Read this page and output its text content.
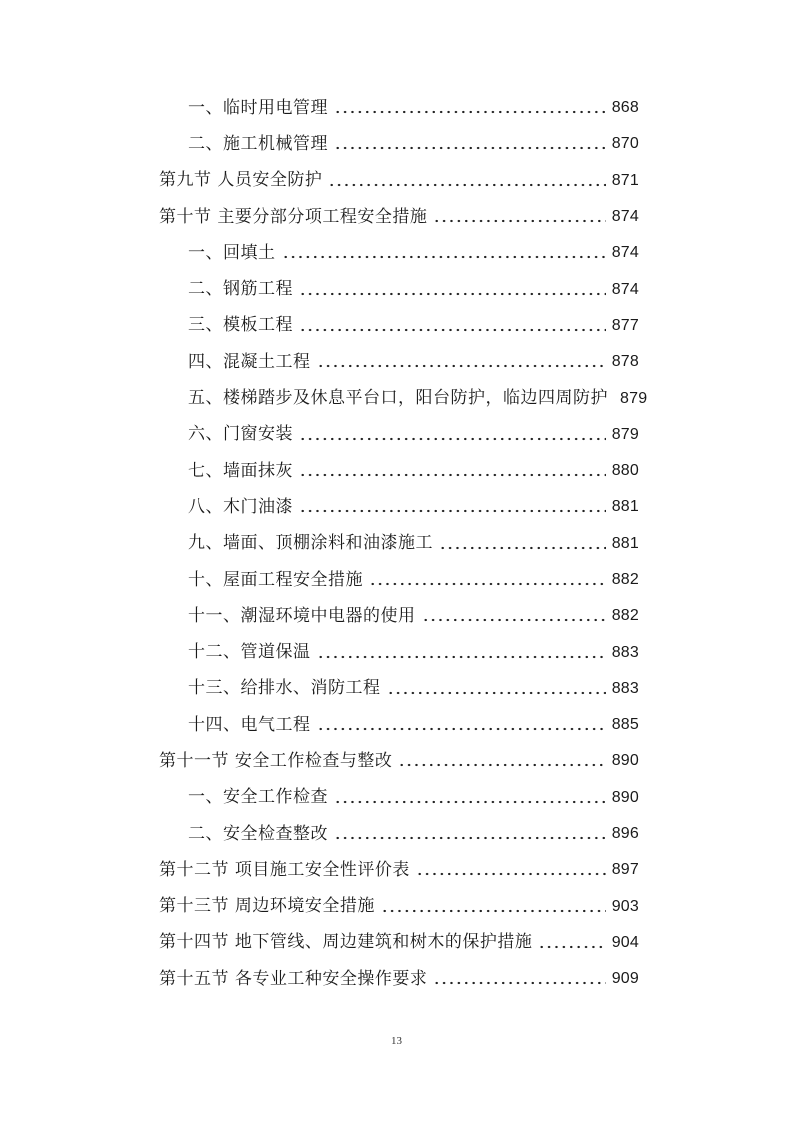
一、临时用电管理	868
二、施工机械管理	870
第九节 人员安全防护	871
第十节 主要分部分项工程安全措施	874
一、回填土	874
二、钢筋工程	874
三、模板工程	877
四、混凝土工程	878
五、楼梯踏步及休息平台口，阳台防护，临边四周防护 879
六、门窗安装	879
七、墙面抹灰	880
八、木门油漆	881
九、墙面、顶棚涂料和油漆施工	881
十、屋面工程安全措施	882
十一、潮湿环境中电器的使用	882
十二、管道保温	883
十三、给排水、消防工程	883
十四、电气工程	885
第十一节 安全工作检查与整改	890
一、安全工作检查	890
二、安全检查整改	896
第十二节 项目施工安全性评价表	897
第十三节 周边环境安全措施	903
第十四节 地下管线、周边建筑和树木的保护措施	904
第十五节 各专业工种安全操作要求	909
13
